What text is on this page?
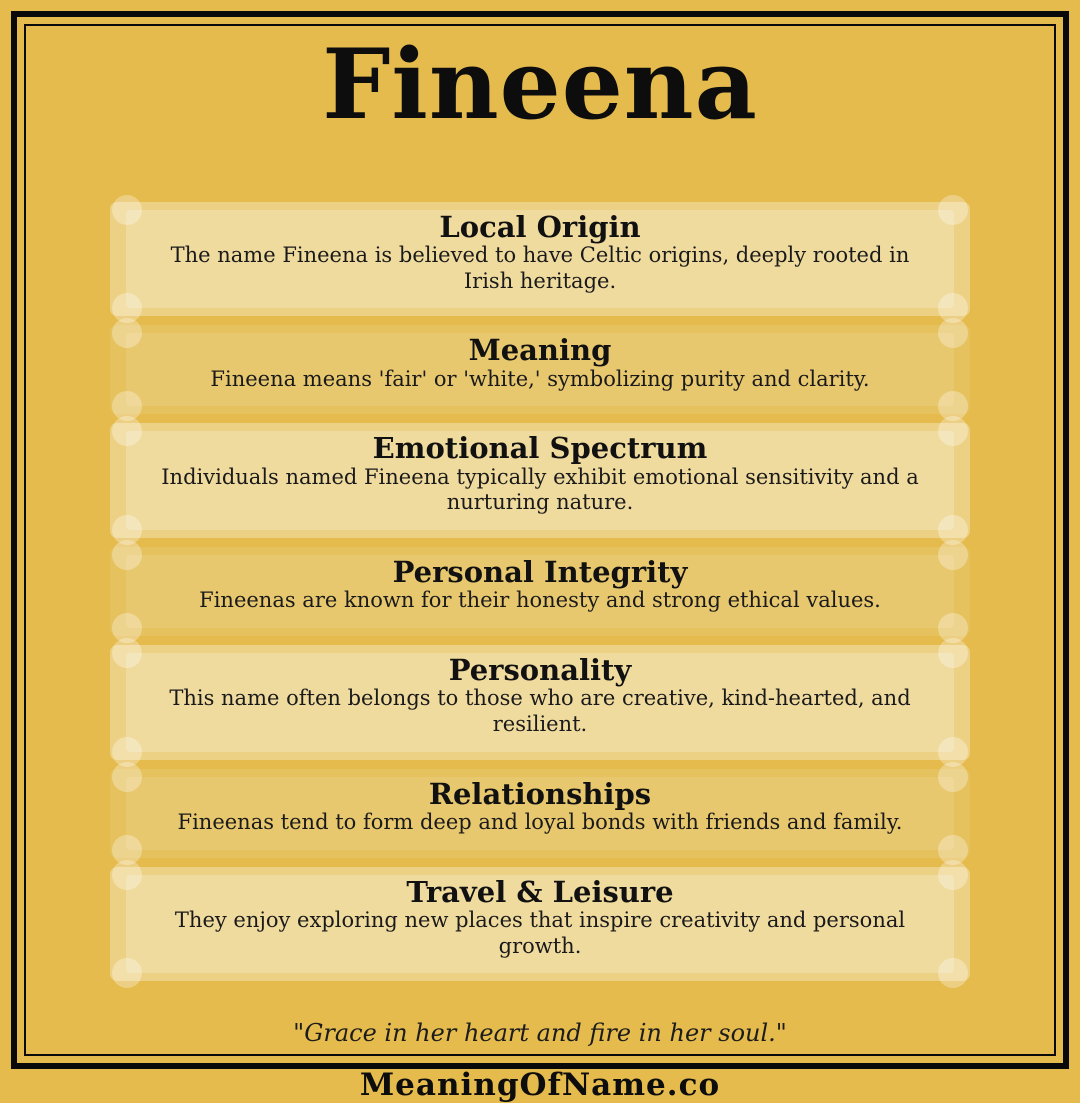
Fineena
Local Origin

The name Fineena is believed to have Celtic origins, deeply rooted in Irish heritage.

Meaning

Fineena means 'fair' or 'white,' symbolizing purity and clarity.

Emotional Spectrum

Individuals named Fineena typically exhibit emotional sensitivity and a nurturing nature.

Personal Integrity

Fineenas are known for their honesty and strong ethical values.

Personality

This name often belongs to those who are creative, kind-hearted, and resilient.

Relationships

Fineenas tend to form deep and loyal bonds with friends and family.

Travel & Leisure

They enjoy exploring new places that inspire creativity and personal growth.

"Grace in her heart and fire in her soul."

MeaningOfName.co
